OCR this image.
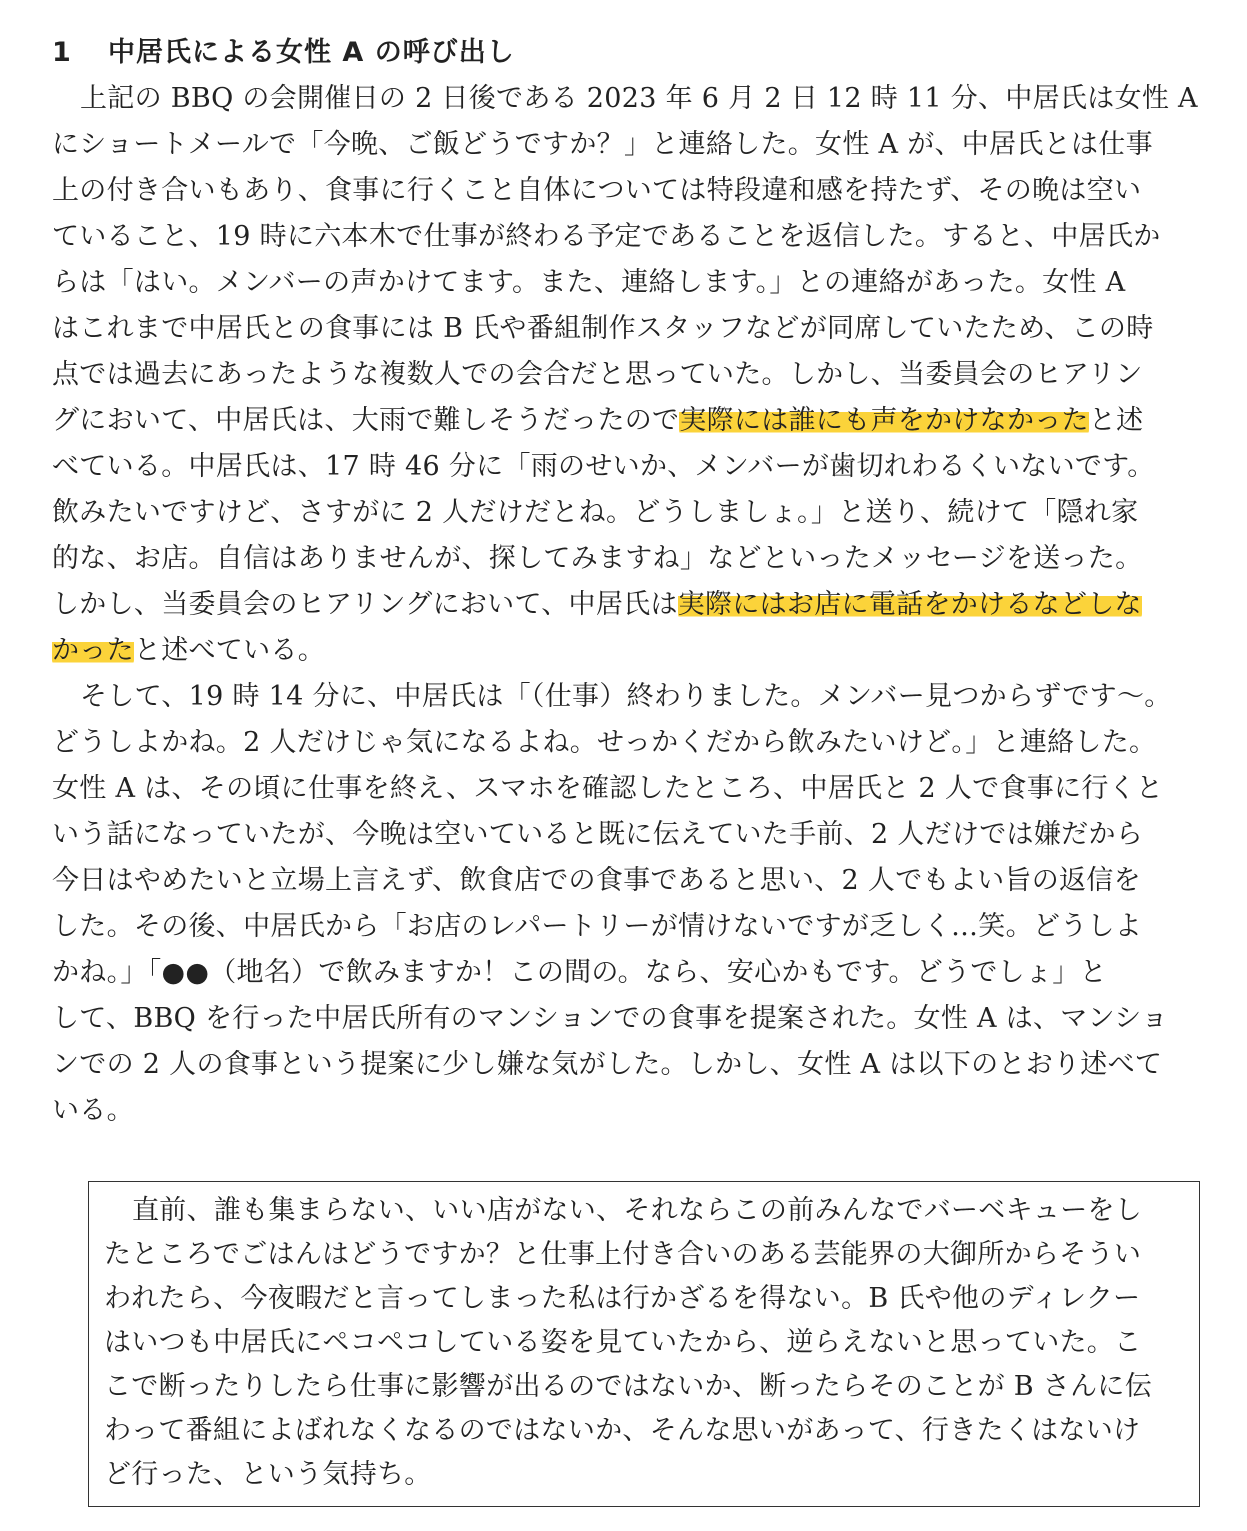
1 中居氏による女性 A の呼び出し
上記の BBQ の会開催日の 2 日後である 2023 年 6 月 2 日 12 時 11 分、中居氏は女性 A
にショートメールで「今晩、ご飯どうですか？」と連絡した。女性 A が、中居氏とは仕事
上の付き合いもあり、食事に行くこと自体については特段違和感を持たず、その晩は空い
ていること、19 時に六本木で仕事が終わる予定であることを返信した。すると、中居氏か
らは「はい。メンバーの声かけてます。また、連絡します。」との連絡があった。女性 A
はこれまで中居氏との食事には B 氏や番組制作スタッフなどが同席していたため、この時
点では過去にあったような複数人での会合だと思っていた。しかし、当委員会のヒアリン
グにおいて、中居氏は、大雨で難しそうだったので実際には誰にも声をかけなかったと述
べている。中居氏は、17 時 46 分に「雨のせいか、メンバーが歯切れわるくいないです。
飲みたいですけど、さすがに 2 人だけだとね。どうしましょ。」と送り、続けて「隠れ家
的な、お店。自信はありませんが、探してみますね」などといったメッセージを送った。
しかし、当委員会のヒアリングにおいて、中居氏は実際にはお店に電話をかけるなどしな
かったと述べている。
そして、19 時 14 分に、中居氏は「（仕事）終わりました。メンバー見つからずです〜。
どうしよかね。2 人だけじゃ気になるよね。せっかくだから飲みたいけど。」と連絡した。
女性 A は、その頃に仕事を終え、スマホを確認したところ、中居氏と 2 人で食事に行くと
いう話になっていたが、今晩は空いていると既に伝えていた手前、2 人だけでは嫌だから
今日はやめたいと立場上言えず、飲食店での食事であると思い、2 人でもよい旨の返信を
した。その後、中居氏から「お店のレパートリーが情けないですが乏しく…笑。どうしよ
かね。」「●●（地名）で飲みますか！この間の。なら、安心かもです。どうでしょ」と
して、BBQ を行った中居氏所有のマンションでの食事を提案された。女性 A は、マンショ
ンでの 2 人の食事という提案に少し嫌な気がした。しかし、女性 A は以下のとおり述べて
いる。
直前、誰も集まらない、いい店がない、それならこの前みんなでバーベキューをし
たところでごはんはどうですか？と仕事上付き合いのある芸能界の大御所からそうい
われたら、今夜暇だと言ってしまった私は行かざるを得ない。B 氏や他のディレクー
はいつも中居氏にペコペコしている姿を見ていたから、逆らえないと思っていた。こ
こで断ったりしたら仕事に影響が出るのではないか、断ったらそのことが B さんに伝
わって番組によばれなくなるのではないか、そんな思いがあって、行きたくはないけ
ど行った、という気持ち。
